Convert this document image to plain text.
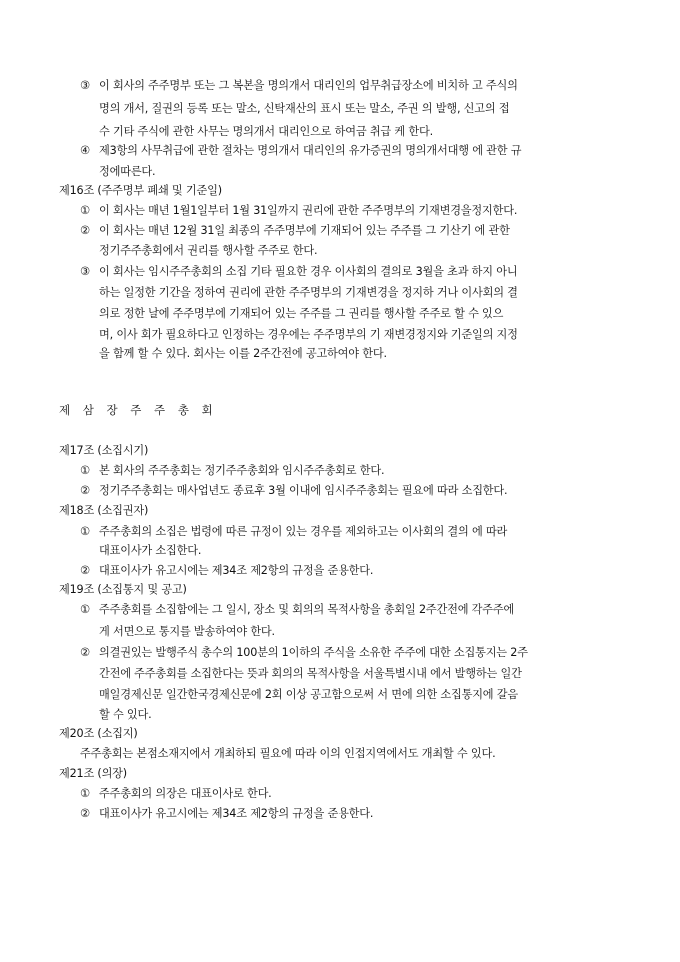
③ 이 회사의 주주명부 또는 그 복본을 명의개서 대리인의 업무취급장소에 비치하 고 주식의
명의 개서, 질권의 등록 또는 말소, 신탁재산의 표시 또는 말소, 주권 의 발행, 신고의 접
수 기타 주식에 관한 사무는 명의개서 대리인으로 하여금 취급 케 한다.
④ 제3항의 사무취급에 관한 절차는 명의개서 대리인의 유가증권의 명의개서대행 에 관한 규
정에따른다.
제16조 (주주명부 폐쇄 및 기준일)
① 이 회사는 매년 1월1일부터 1월 31일까지 권리에 관한 주주명부의 기재변경을정지한다.
② 이 회사는 매년 12월 31일 최종의 주주명부에 기재되어 있는 주주를 그 기산기 에 관한
정기주주총회에서 권리를 행사할 주주로 한다.
③ 이 회사는 임시주주총회의 소집 기타 필요한 경우 이사회의 결의로 3월을 초과 하지 아니
하는 일정한 기간을 정하여 권리에 관한 주주명부의 기재변경을 정지하 거나 이사회의 결
의로 정한 날에 주주명부에 기재되어 있는 주주를 그 권리를 행사할 주주로 할 수 있으
며, 이사 회가 필요하다고 인정하는 경우에는 주주명부의 기 재변경정지와 기준일의 지정
을 함께 할 수 있다. 회사는 이를 2주간전에 공고하여야 한다.
제 삼 장 주 주 총 회
제17조 (소집시기)
① 본 회사의 주주총회는 정기주주총회와 임시주주총회로 한다.
② 정기주주총회는 매사업년도 종료후 3월 이내에 임시주주총회는 필요에 따라 소집한다.
제18조 (소집권자)
① 주주총회의 소집은 법령에 따른 규정이 있는 경우를 제외하고는 이사회의 결의 에 따라
대표이사가 소집한다.
② 대표이사가 유고시에는 제34조 제2항의 규정을 준용한다.
제19조 (소집통지 및 공고)
① 주주총회를 소집함에는 그 일시, 장소 및 회의의 목적사항을 총회일 2주간전에 각주주에
게 서면으로 통지를 발송하여야 한다.
② 의결권있는 발행주식 총수의 100분의 1이하의 주식을 소유한 주주에 대한 소집통지는 2주
간전에 주주총회를 소집한다는 뜻과 회의의 목적사항을 서울특별시내 에서 발행하는 일간
매일경제신문 일간한국경제신문에 2회 이상 공고함으로써 서 면에 의한 소집통지에 갈음
할 수 있다.
제20조 (소집지)
주주총회는 본점소재지에서 개최하되 필요에 따라 이의 인접지역에서도 개최할 수 있다.
제21조 (의장)
① 주주총회의 의장은 대표이사로 한다.
② 대표이사가 유고시에는 제34조 제2항의 규정을 준용한다.
